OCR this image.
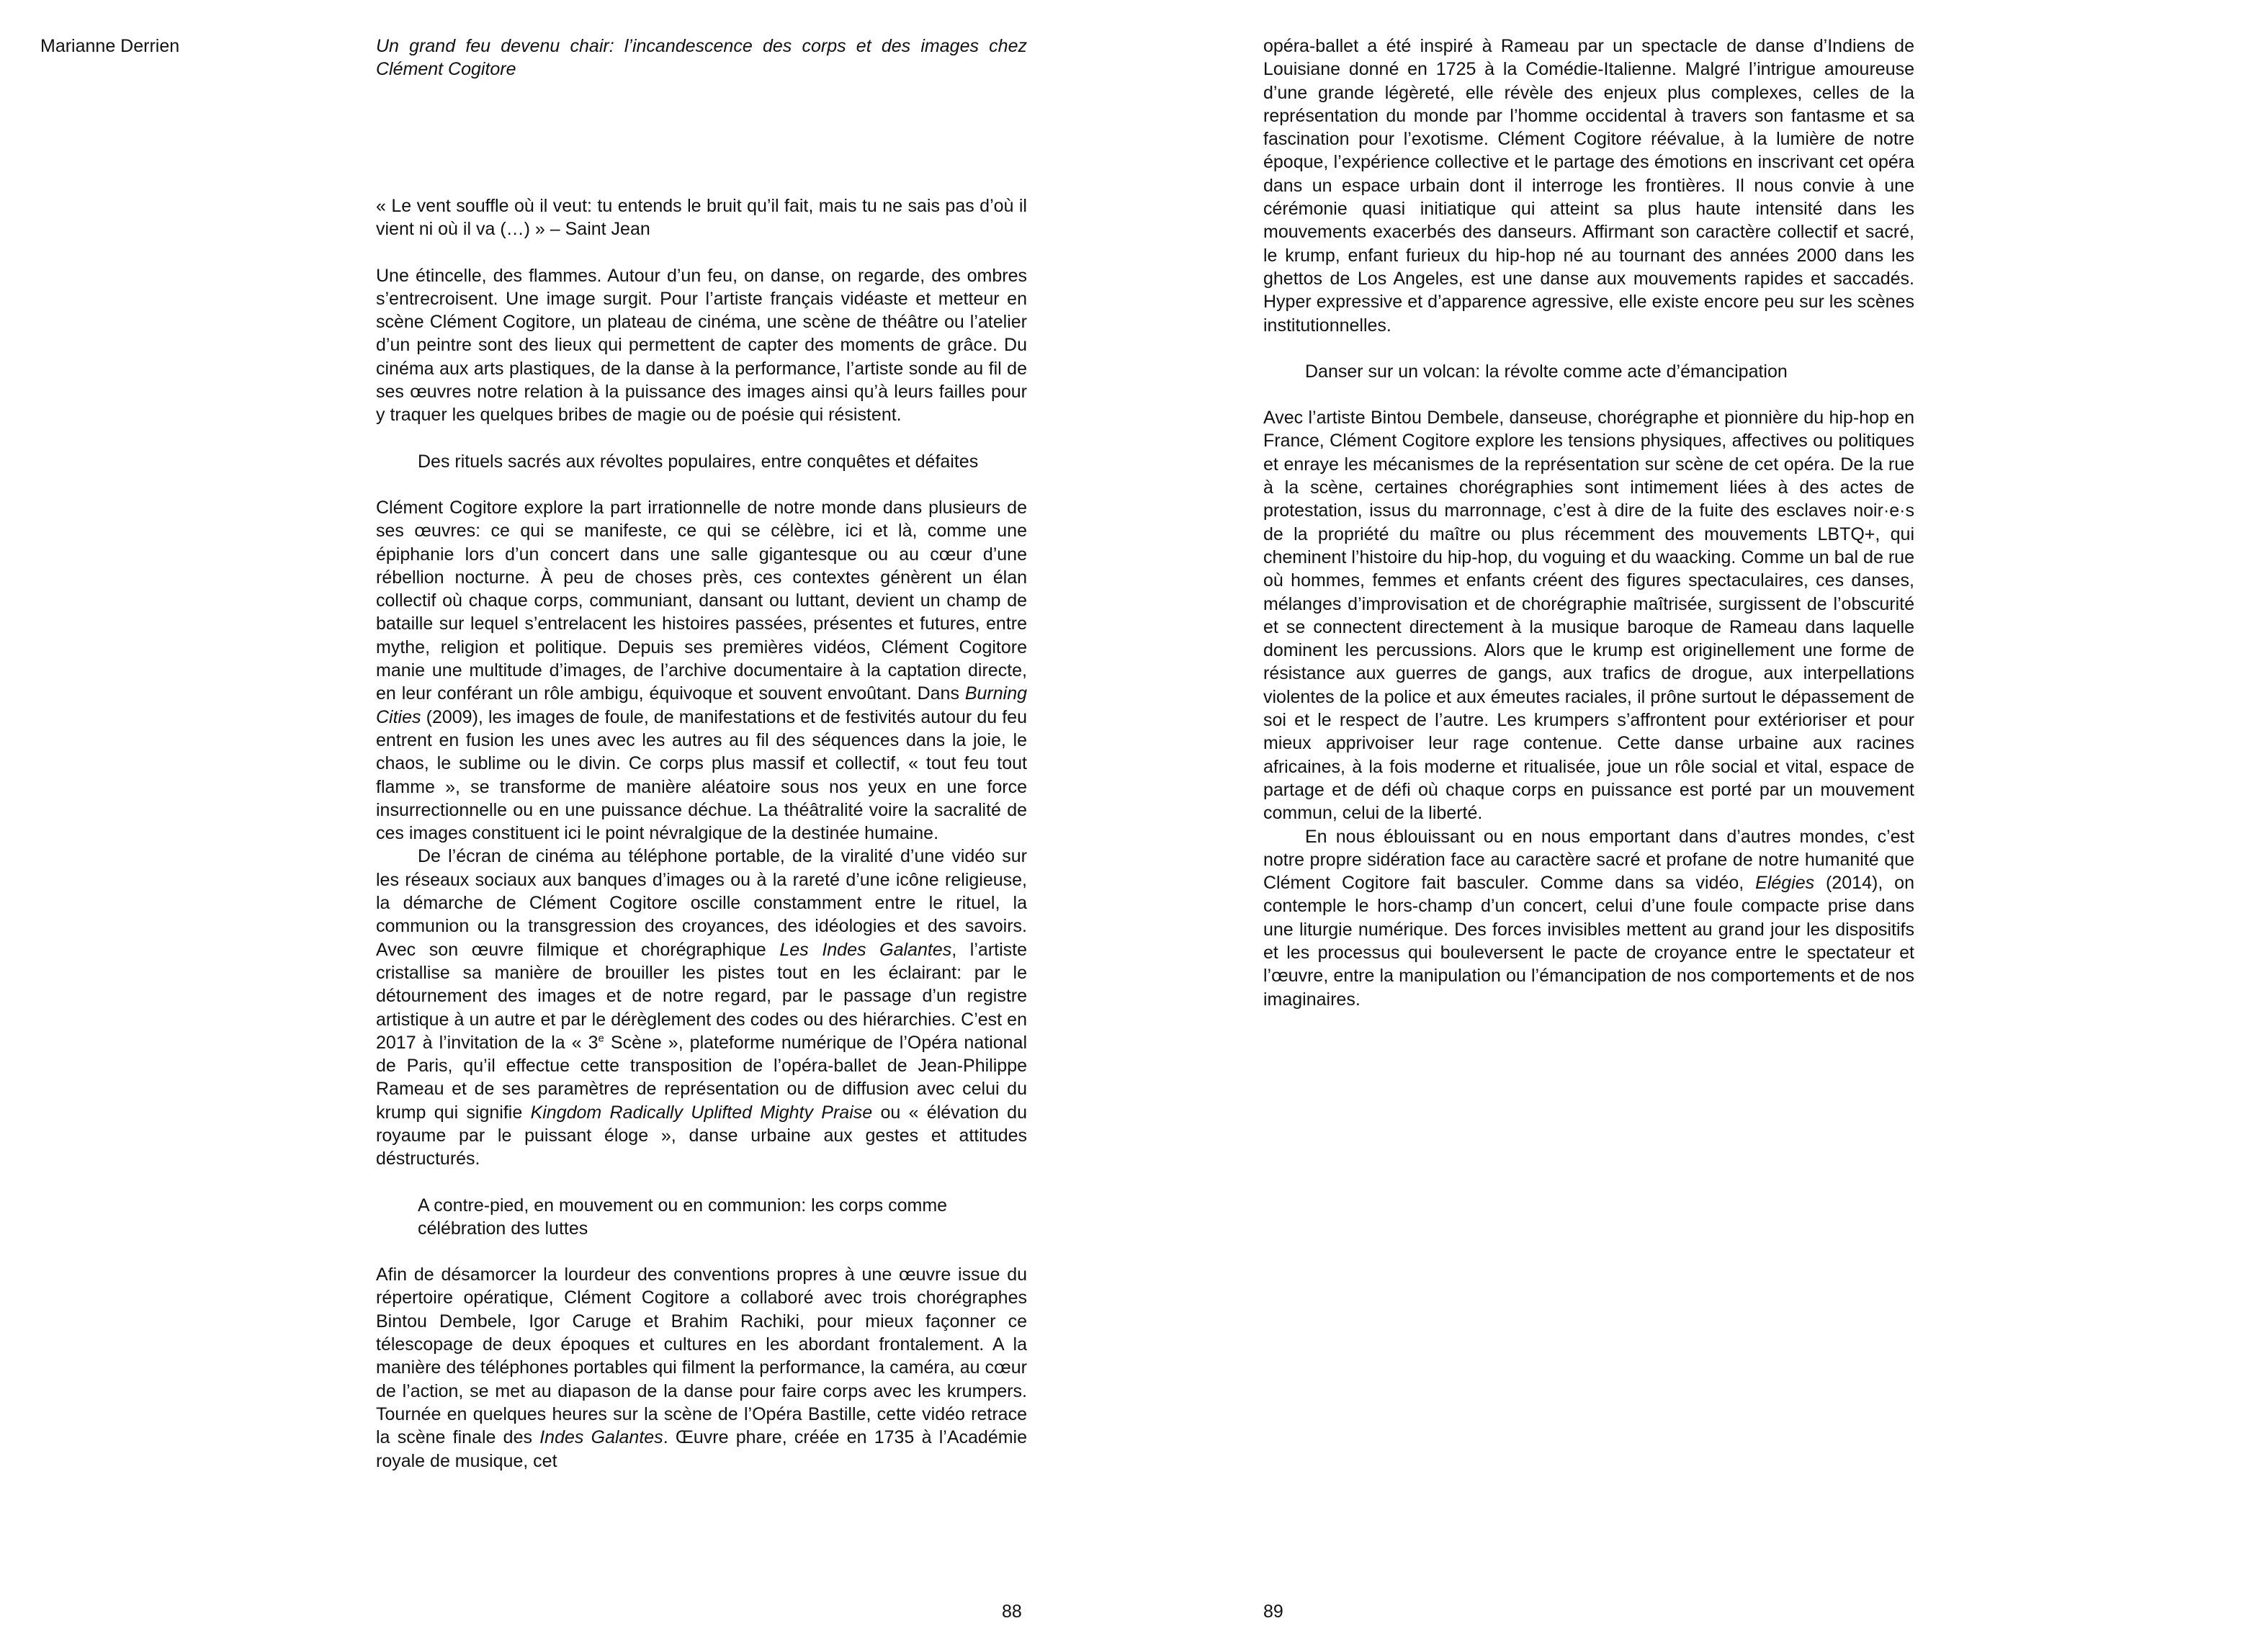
Marianne Derrien	Un grand feu devenu chair: l’incandescence des corps et des images chez Clément Cogitore

« Le vent souffle où il veut: tu entends le bruit qu’il fait, mais tu ne sais pas d’où il vient ni où il va (…) » – Saint Jean

Une étincelle, des flammes. Autour d’un feu, on danse, on regarde, des ombres s’entrecroisent. Une image surgit. Pour l’artiste français vidéaste et metteur en scène Clément Cogitore, un plateau de cinéma, une scène de théâtre ou l’atelier d’un peintre sont des lieux qui permettent de capter des moments de grâce. Du cinéma aux arts plastiques, de la danse à la performance, l’artiste sonde au fil de ses œuvres notre relation à la puissance des images ainsi qu’à leurs failles pour y traquer les quelques bribes de magie ou de poésie qui résistent.

Des rituels sacrés aux révoltes populaires, entre conquêtes et défaites

Clément Cogitore explore la part irrationnelle de notre monde dans plusieurs de ses œuvres: ce qui se manifeste, ce qui se célèbre, ici et là, comme une épiphanie lors d’un concert dans une salle gigantesque ou au cœur d’une rébellion nocturne. À peu de choses près, ces contextes génèrent un élan collectif où chaque corps, communiant, dansant ou luttant, devient un champ de bataille sur lequel s’entrelacent les histoires passées, présentes et futures, entre mythe, religion et politique. Depuis ses premières vidéos, Clément Cogitore manie une multitude d’images, de l’archive documentaire à la captation directe, en leur conférant un rôle ambigu, équivoque et souvent envoûtant. Dans Burning Cities (2009), les images de foule, de manifestations et de festivités autour du feu entrent en fusion les unes avec les autres au fil des séquences dans la joie, le chaos, le sublime ou le divin. Ce corps plus massif et collectif, « tout feu tout flamme », se transforme de manière aléatoire sous nos yeux en une force insurrectionnelle ou en une puissance déchue. La théâtralité voire la sacralité de ces images constituent ici le point névralgique de la destinée humaine.

De l’écran de cinéma au téléphone portable, de la viralité d’une vidéo sur les réseaux sociaux aux banques d’images ou à la rareté d’une icône religieuse, la démarche de Clément Cogitore oscille constamment entre le rituel, la communion ou la transgression des croyances, des idéologies et des savoirs. Avec son œuvre filmique et chorégraphique Les Indes Galantes, l’artiste cristallise sa manière de brouiller les pistes tout en les éclairant: par le détournement des images et de notre regard, par le passage d’un registre artistique à un autre et par le dérèglement des codes ou des hiérarchies. C’est en 2017 à l’invitation de la « 3e Scène », plateforme numérique de l’Opéra national de Paris, qu’il effectue cette transposition de l’opéra-ballet de Jean-Philippe Rameau et de ses paramètres de représentation ou de diffusion avec celui du krump qui signifie Kingdom Radically Uplifted Mighty Praise ou « élévation du royaume par le puissant éloge », danse urbaine aux gestes et attitudes déstructurés.

A contre-pied, en mouvement ou en communion: les corps comme célébration des luttes

Afin de désamorcer la lourdeur des conventions propres à une œuvre issue du répertoire opératique, Clément Cogitore a collaboré avec trois chorégraphes Bintou Dembele, Igor Caruge et Brahim Rachiki, pour mieux façonner ce télescopage de deux époques et cultures en les abordant frontalement. A la manière des téléphones portables qui filment la performance, la caméra, au cœur de l’action, se met au diapason de la danse pour faire corps avec les krumpers. Tournée en quelques heures sur la scène de l’Opéra Bastille, cette vidéo retrace la scène finale des Indes Galantes. Œuvre phare, créée en 1735 à l’Académie royale de musique, cet

88

opéra-ballet a été inspiré à Rameau par un spectacle de danse d’Indiens de Louisiane donné en 1725 à la Comédie-Italienne. Malgré l’intrigue amoureuse d’une grande légèreté, elle révèle des enjeux plus complexes, celles de la représentation du monde par l’homme occidental à travers son fantasme et sa fascination pour l’exotisme. Clément Cogitore réévalue, à la lumière de notre époque, l’expérience collective et le partage des émotions en inscrivant cet opéra dans un espace urbain dont il interroge les frontières. Il nous convie à une cérémonie quasi initiatique qui atteint sa plus haute intensité dans les mouvements exacerbés des danseurs. Affirmant son caractère collectif et sacré, le krump, enfant furieux du hip-hop né au tournant des années 2000 dans les ghettos de Los Angeles, est une danse aux mouvements rapides et saccadés. Hyper expressive et d’apparence agressive, elle existe encore peu sur les scènes institutionnelles.

Danser sur un volcan: la révolte comme acte d’émancipation

Avec l’artiste Bintou Dembele, danseuse, chorégraphe et pionnière du hip-hop en France, Clément Cogitore explore les tensions physiques, affectives ou politiques et enraye les mécanismes de la représentation sur scène de cet opéra. De la rue à la scène, certaines chorégraphies sont intimement liées à des actes de protestation, issus du marronnage, c’est à dire de la fuite des esclaves noir·e·s de la propriété du maître ou plus récemment des mouvements LBTQ+, qui cheminent l’histoire du hip-hop, du voguing et du waacking. Comme un bal de rue où hommes, femmes et enfants créent des figures spectaculaires, ces danses, mélanges d’improvisation et de chorégraphie maîtrisée, surgissent de l’obscurité et se connectent directement à la musique baroque de Rameau dans laquelle dominent les percussions. Alors que le krump est originellement une forme de résistance aux guerres de gangs, aux trafics de drogue, aux interpellations violentes de la police et aux émeutes raciales, il prône surtout le dépassement de soi et le respect de l’autre. Les krumpers s’affrontent pour extérioriser et pour mieux apprivoiser leur rage contenue. Cette danse urbaine aux racines africaines, à la fois moderne et ritualisée, joue un rôle social et vital, espace de partage et de défi où chaque corps en puissance est porté par un mouvement commun, celui de la liberté.

En nous éblouissant ou en nous emportant dans d’autres mondes, c’est notre propre sidération face au caractère sacré et profane de notre humanité que Clément Cogitore fait basculer. Comme dans sa vidéo, Elégies (2014), on contemple le hors-champ d’un concert, celui d’une foule compacte prise dans une liturgie numérique. Des forces invisibles mettent au grand jour les dispositifs et les processus qui bouleversent le pacte de croyance entre le spectateur et l’œuvre, entre la manipulation ou l’émancipation de nos comportements et de nos imaginaires.

89
